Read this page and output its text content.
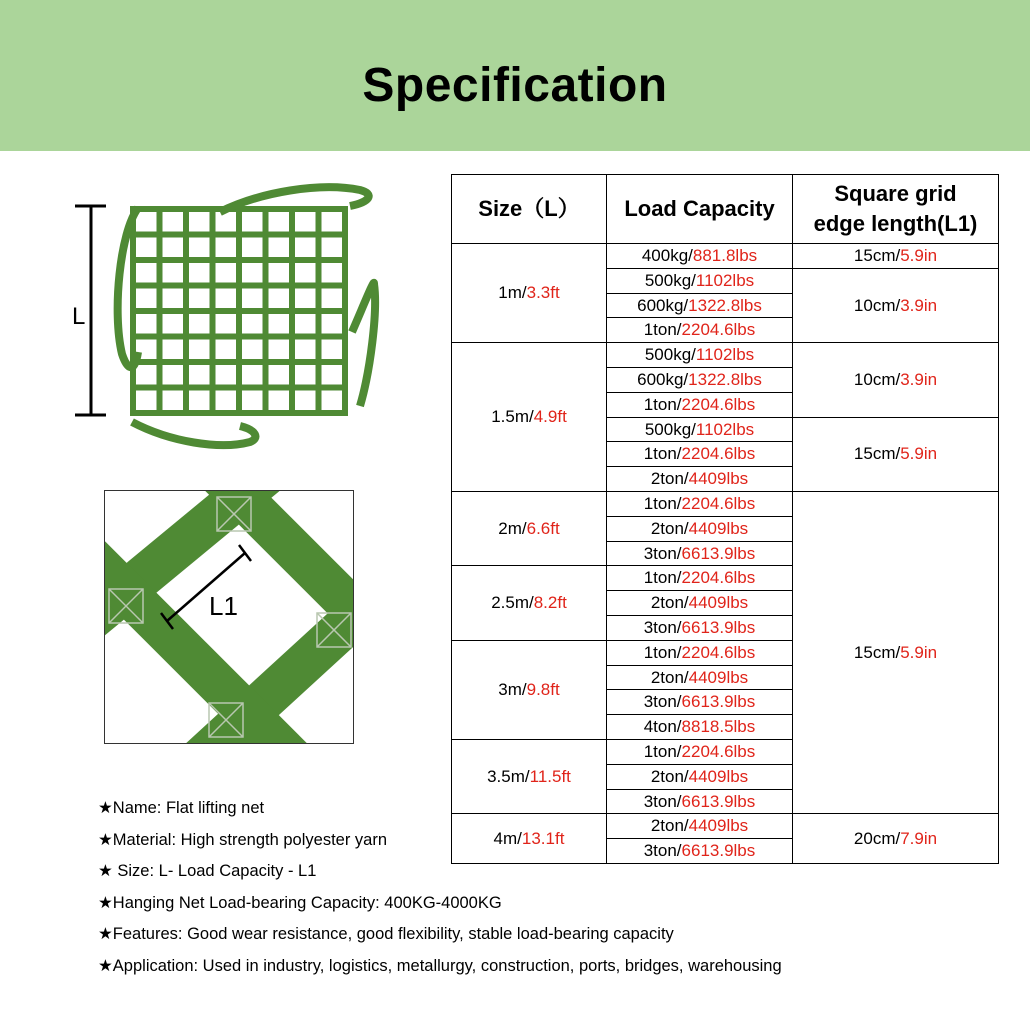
Specification
L
L1
Size（L）	Load Capacity	Square grid
edge length(L1)
1m/3.3ft	400kg/881.8lbs	15cm/5.9in
	500kg/1102lbs	10cm/3.9in
	600kg/1322.8lbs	
	1ton/2204.6lbs	
1.5m/4.9ft	500kg/1102lbs	10cm/3.9in
	600kg/1322.8lbs	
	1ton/2204.6lbs	
	500kg/1102lbs	15cm/5.9in
	1ton/2204.6lbs	
	2ton/4409lbs	
2m/6.6ft	1ton/2204.6lbs	15cm/5.9in
	2ton/4409lbs	
	3ton/6613.9lbs	
2.5m/8.2ft	1ton/2204.6lbs	
	2ton/4409lbs	
	3ton/6613.9lbs	
3m/9.8ft	1ton/2204.6lbs	
	2ton/4409lbs	
	3ton/6613.9lbs	
	4ton/8818.5lbs	
3.5m/11.5ft	1ton/2204.6lbs	
	2ton/4409lbs	
	3ton/6613.9lbs	
4m/13.1ft	2ton/4409lbs	20cm/7.9in
	3ton/6613.9lbs	
★Name: Flat lifting net
★Material: High strength polyester yarn
★ Size: L- Load Capacity - L1
★Hanging Net Load-bearing Capacity: 400KG-4000KG
★Features: Good wear resistance, good flexibility, stable load-bearing capacity
★Application: Used in industry, logistics, metallurgy, construction, ports, bridges, warehousing
